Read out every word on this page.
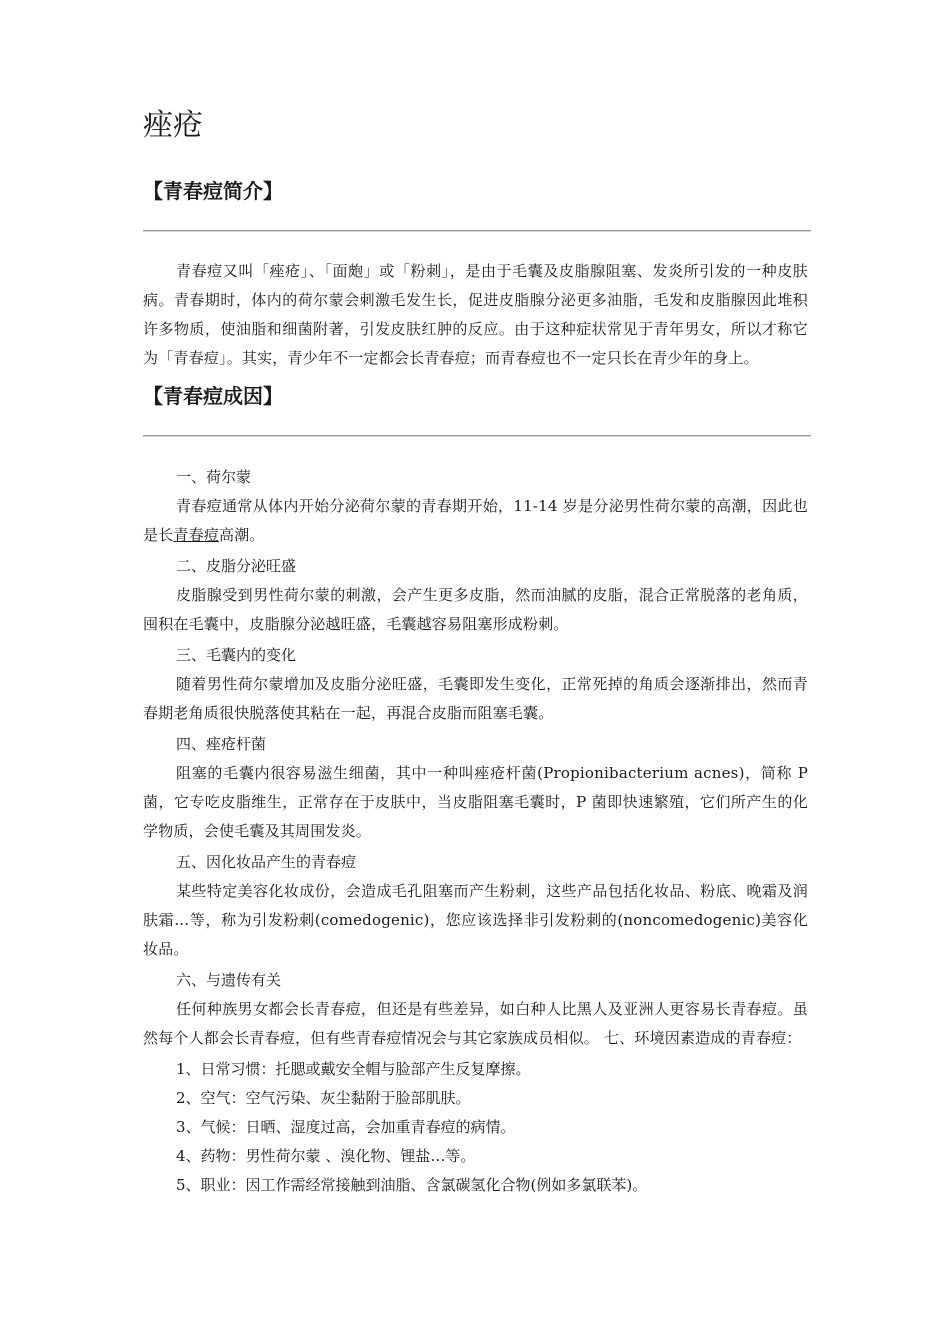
痤疮
【青春痘简介】

青春痘又叫「痤疮」、「面皰」或「粉刺」，是由于毛囊及皮脂腺阻塞、发炎所引发的一种皮肤病。青春期时，体内的荷尔蒙会刺激毛发生长，促进皮脂腺分泌更多油脂，毛发和皮脂腺因此堆积许多物质，使油脂和细菌附著，引发皮肤红肿的反应。由于这种症状常见于青年男女，所以才称它为「青春痘」。其实，青少年不一定都会长青春痘；而青春痘也不一定只长在青少年的身上。

【青春痘成因】

一、荷尔蒙

青春痘通常从体内开始分泌荷尔蒙的青春期开始，11-14 岁是分泌男性荷尔蒙的高潮，因此也是长青春痘高潮。

二、皮脂分泌旺盛

皮脂腺受到男性荷尔蒙的刺激，会产生更多皮脂，然而油腻的皮脂，混合正常脱落的老角质，囤积在毛囊中，皮脂腺分泌越旺盛，毛囊越容易阻塞形成粉刺。

三、毛囊内的变化

随着男性荷尔蒙增加及皮脂分泌旺盛，毛囊即发生变化，正常死掉的角质会逐渐排出，然而青春期老角质很快脱落使其粘在一起，再混合皮脂而阻塞毛囊。

四、痤疮杆菌

阻塞的毛囊内很容易滋生细菌，其中一种叫痤疮杆菌(Propionibacterium acnes)，简称 P 菌，它专吃皮脂维生，正常存在于皮肤中，当皮脂阻塞毛囊时，P 菌即快速繁殖，它们所产生的化学物质，会使毛囊及其周围发炎。

五、因化妆品产生的青春痘

某些特定美容化妆成份，会造成毛孔阻塞而产生粉刺，这些产品包括化妆品、粉底、晚霜及润肤霜…等，称为引发粉刺(comedogenic)，您应该选择非引发粉刺的(noncomedogenic)美容化妆品。

六、与遗传有关

任何种族男女都会长青春痘，但还是有些差异，如白种人比黑人及亚洲人更容易长青春痘。虽然每个人都会长青春痘，但有些青春痘情况会与其它家族成员相似。 七、环境因素造成的青春痘：

1、日常习惯：托腮或戴安全帽与脸部产生反复摩擦。

2、空气：空气污染、灰尘黏附于脸部肌肤。

3、气候：日晒、湿度过高，会加重青春痘的病情。

4、药物：男性荷尔蒙 、溴化物、锂盐…等。

5、职业：因工作需经常接触到油脂、含氯碳氢化合物(例如多氯联苯)。
